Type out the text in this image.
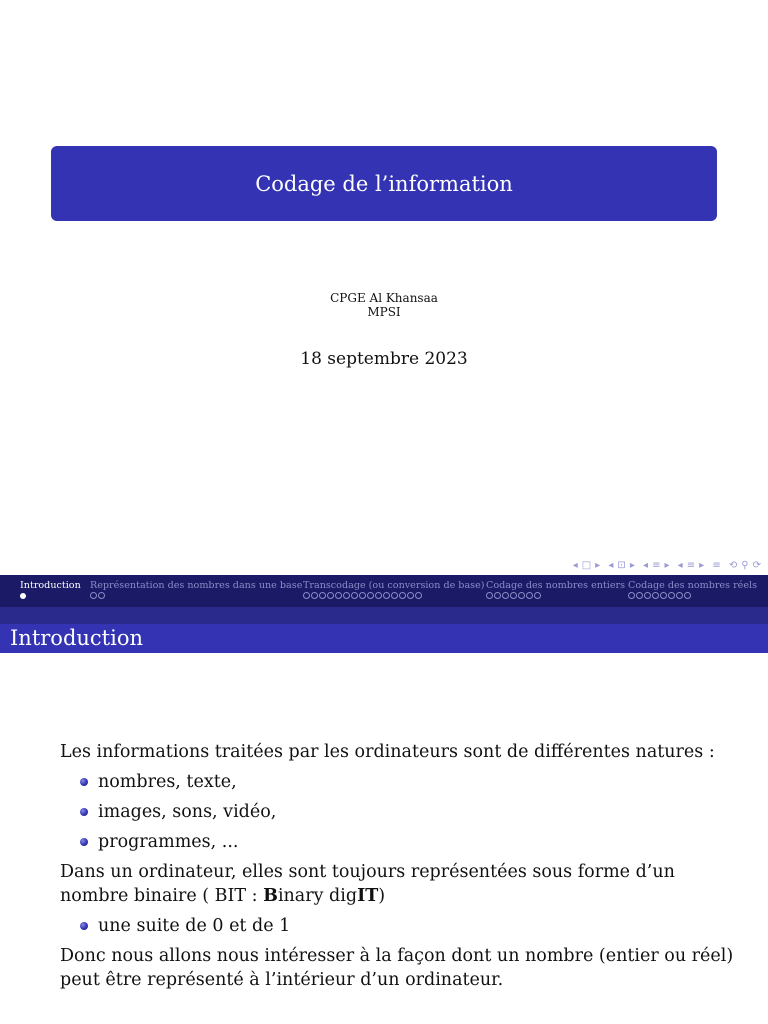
Codage de l’information
CPGE Al Khansaa
MPSI
18 septembre 2023
◂ □ ▸ ◂ ⊡ ▸ ◂ ≡ ▸ ◂ ≡ ▸ ≡ ⟲ ⚲ ⟳
Introduction Représentation des nombres dans une base Transcodage (ou conversion de base) Codage des nombres entiers Codage des nombres réels
Introduction

Les informations traitées par les ordinateurs sont de différentes natures :

nombres, texte,
images, sons, vidéo,
programmes, ...

Dans un ordinateur, elles sont toujours représentées sous forme d’un nombre binaire ( BIT : Binary digIT)

une suite de 0 et de 1

Donc nous allons nous intéresser à la façon dont un nombre (entier ou réel) peut être représenté à l’intérieur d’un ordinateur.
